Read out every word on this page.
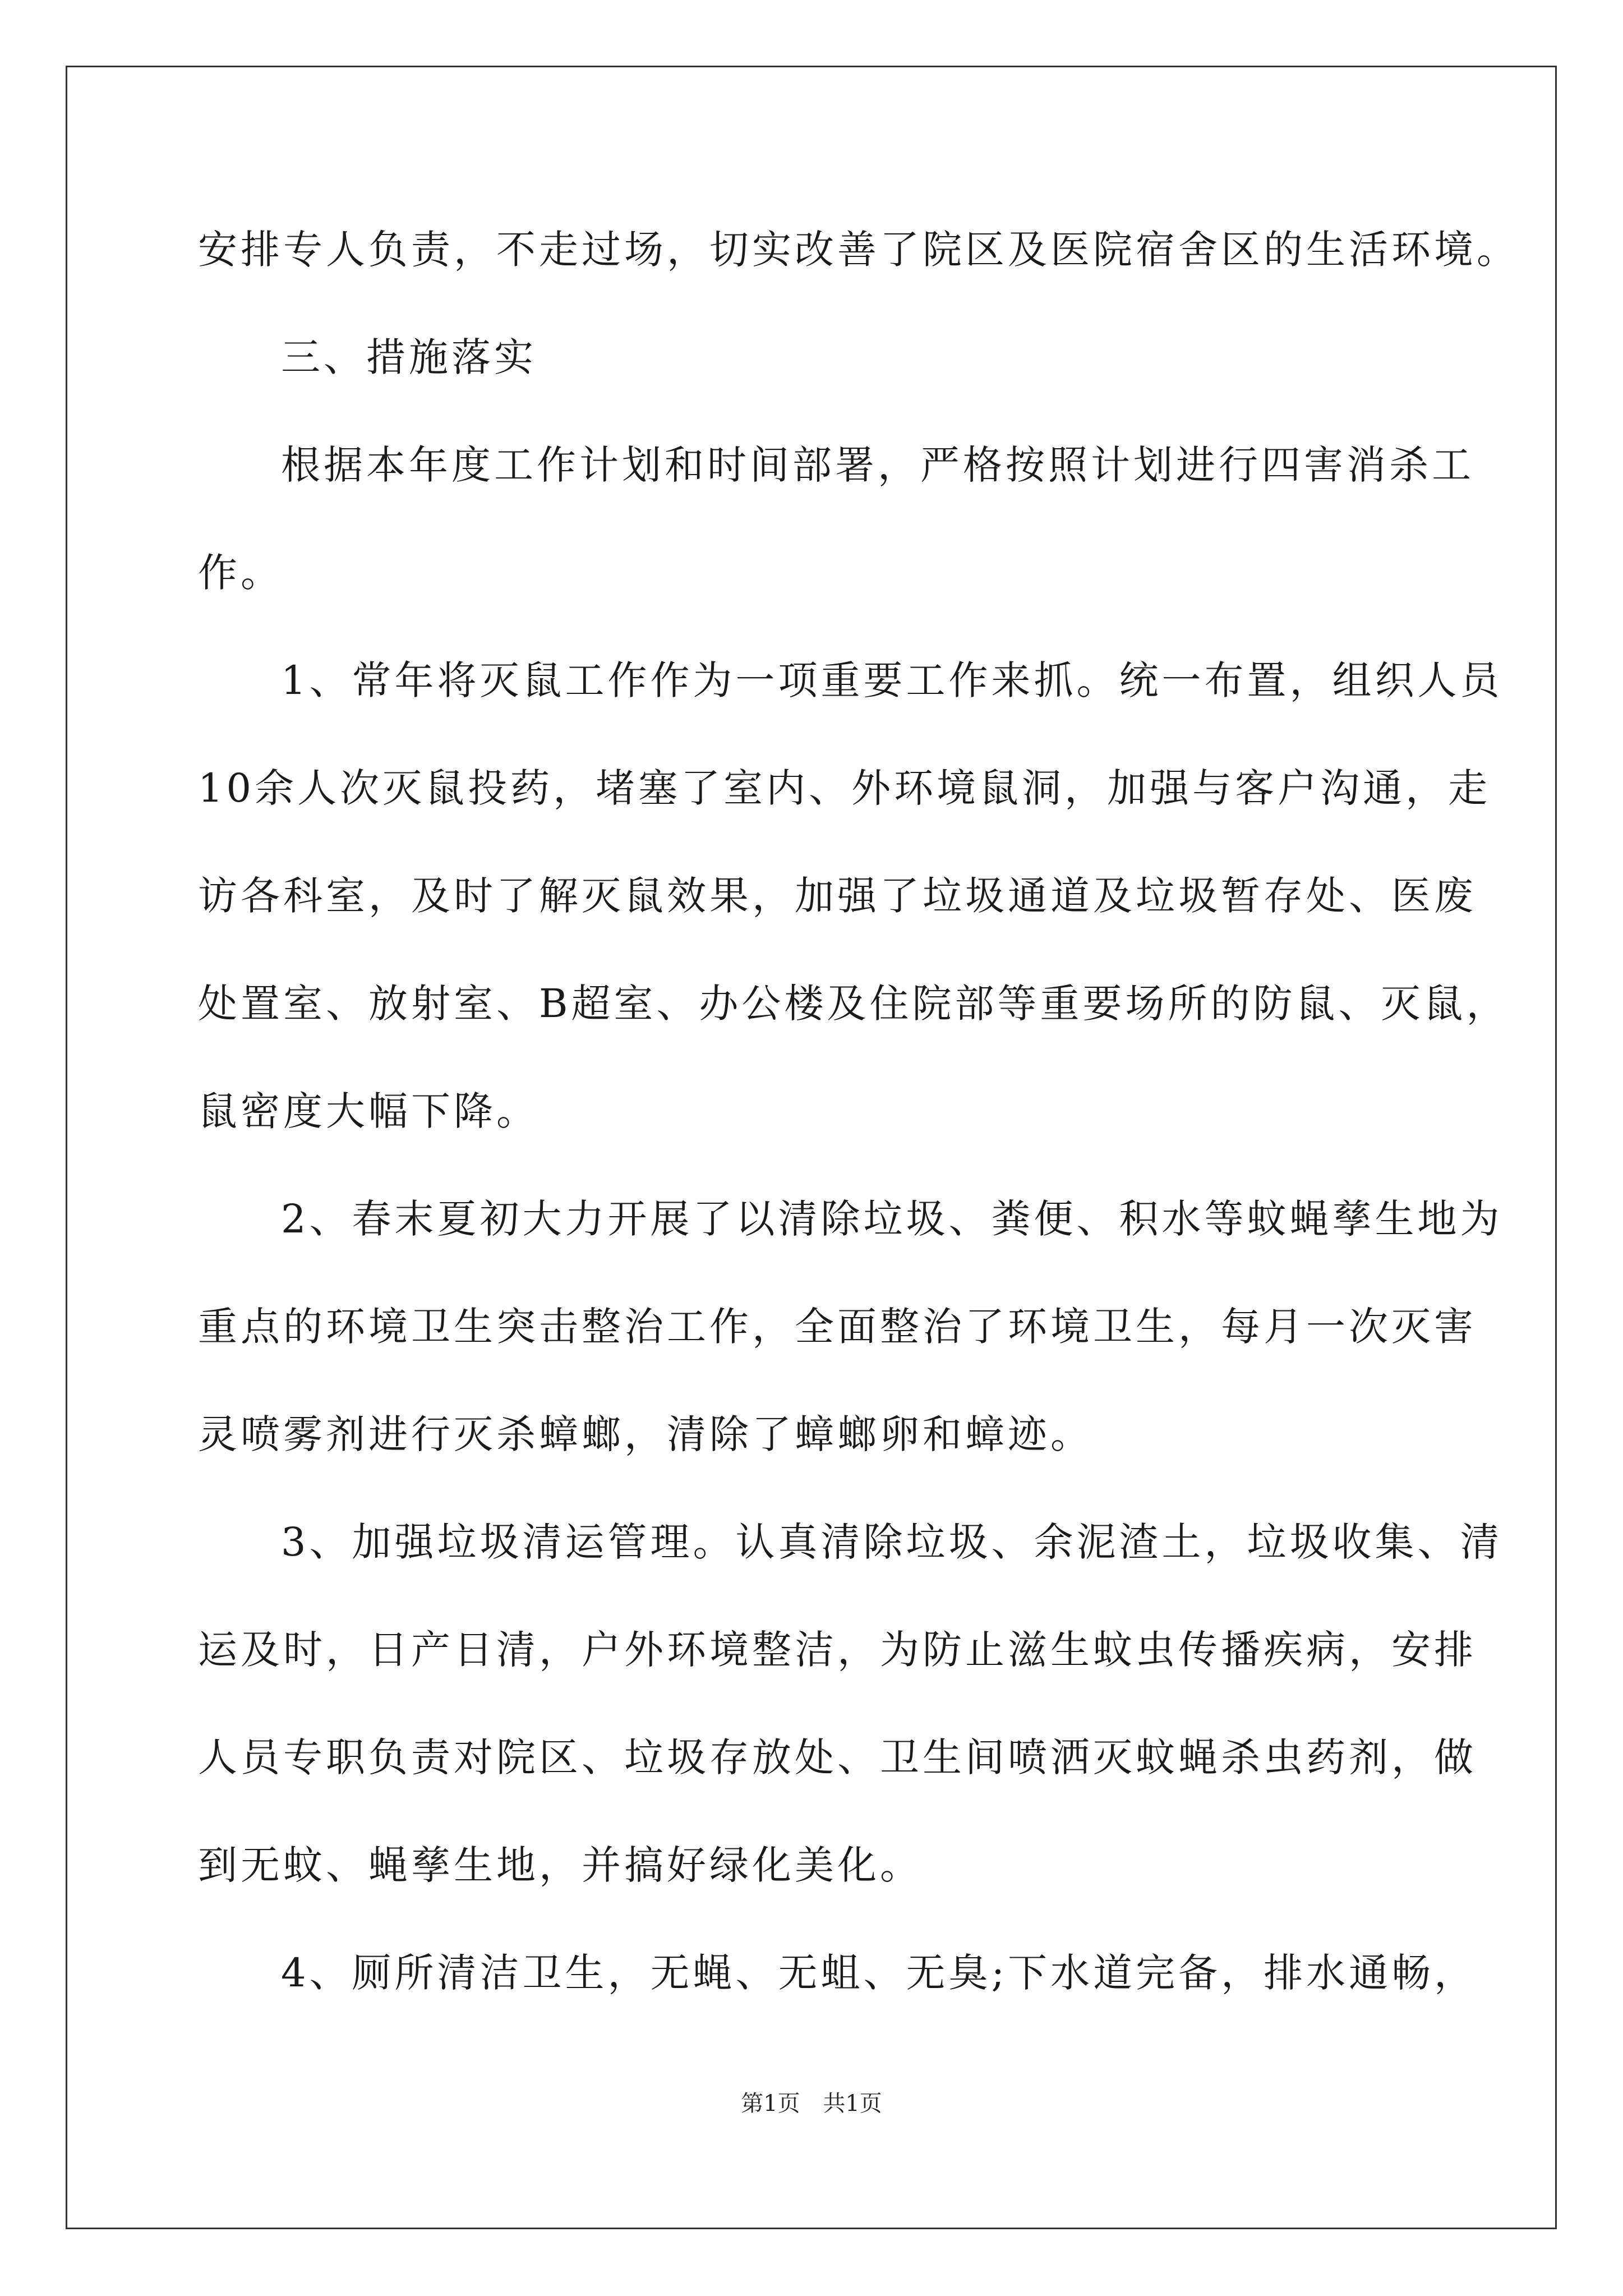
安排专人负责，不走过场，切实改善了院区及医院宿舍区的生活环境。
三、措施落实
根据本年度工作计划和时间部署，严格按照计划进行四害消杀工
作。
1、常年将灭鼠工作作为一项重要工作来抓。统一布置，组织人员
10余人次灭鼠投药，堵塞了室内、外环境鼠洞，加强与客户沟通，走
访各科室，及时了解灭鼠效果，加强了垃圾通道及垃圾暂存处、医废
处置室、放射室、B超室、办公楼及住院部等重要场所的防鼠、灭鼠，
鼠密度大幅下降。
2、春末夏初大力开展了以清除垃圾、粪便、积水等蚊蝇孳生地为
重点的环境卫生突击整治工作，全面整治了环境卫生，每月一次灭害
灵喷雾剂进行灭杀蟑螂，清除了蟑螂卵和蟑迹。
3、加强垃圾清运管理。认真清除垃圾、余泥渣土，垃圾收集、清
运及时，日产日清，户外环境整洁，为防止滋生蚊虫传播疾病，安排
人员专职负责对院区、垃圾存放处、卫生间喷洒灭蚊蝇杀虫药剂，做
到无蚊、蝇孳生地，并搞好绿化美化。
4、厕所清洁卫生，无蝇、无蛆、无臭;下水道完备，排水通畅，
第1页 共1页
